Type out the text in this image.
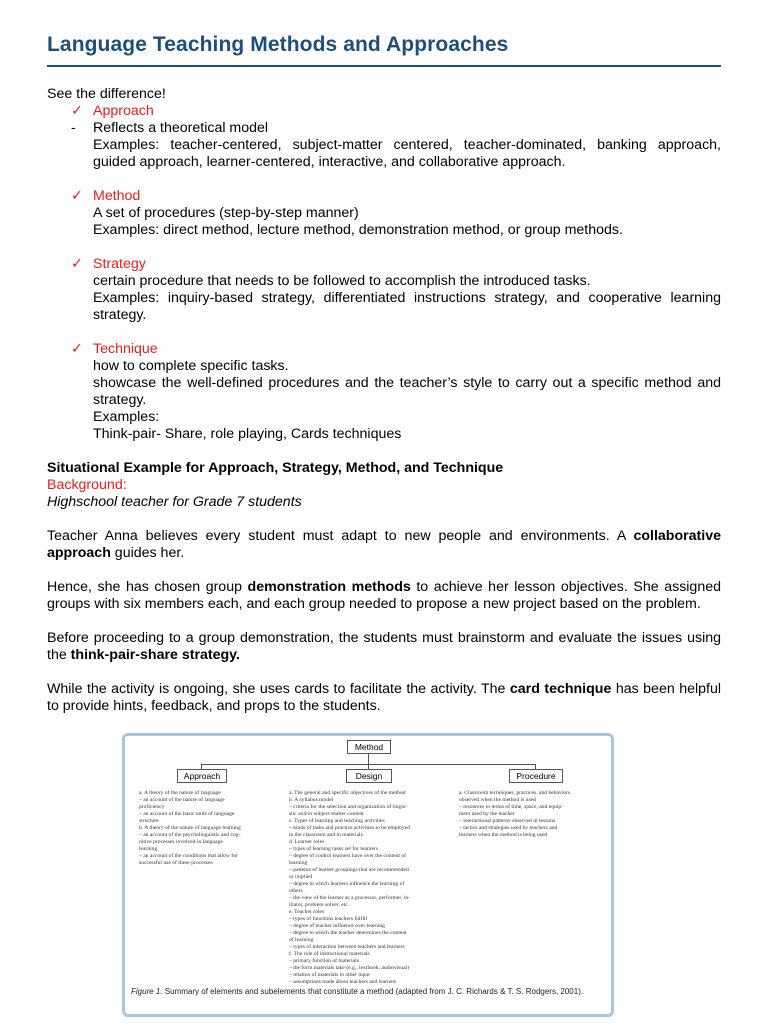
Language Teaching Methods and Approaches

See the difference!

✓ Approach
- Reflects a theoretical model
Examples: teacher-centered, subject-matter centered, teacher-dominated, banking approach, guided approach, learner-centered, interactive, and collaborative approach.
✓ Method
A set of procedures (step-by-step manner)
Examples: direct method, lecture method, demonstration method, or group methods.
✓ Strategy
certain procedure that needs to be followed to accomplish the introduced tasks.
Examples: inquiry-based strategy, differentiated instructions strategy, and cooperative learning strategy.
✓ Technique
how to complete specific tasks.
showcase the well-defined procedures and the teacher’s style to carry out a specific method and strategy.
Examples:
Think-pair- Share, role playing, Cards techniques

Situational Example for Approach, Strategy, Method, and Technique

Background:

Highschool teacher for Grade 7 students

Teacher Anna believes every student must adapt to new people and environments. A collaborative approach guides her.

Hence, she has chosen group demonstration methods to achieve her lesson objectives. She assigned groups with six members each, and each group needed to propose a new project based on the problem.

Before proceeding to a group demonstration, the students must brainstorm and evaluate the issues using the think-pair-share strategy.

While the activity is ongoing, she uses cards to facilitate the activity. The card technique has been helpful to provide hints, feedback, and props to the students.

Method
Approach	Design	Procedure
a. A theory of the nature of language
– an account of the nature of language
proficiency
– an account of the basic units of language
structure
b. A theory of the nature of language learning
– an account of the psycholinguistic and cog-
nitive processes involved in language
learning
– an account of the conditions that allow for
successful use of these processes
a. The general and specific objectives of the method
b. A syllabus model
– criteria for the selection and organization of lingui-
stic and/or subject-matter content
c. Types of learning and teaching activities
– kinds of tasks and practice activities to be employed
in the classroom and in materials
d. Learner roles
– types of learning tasks set for learners
– degree of control learners have over the content of
learning
– patterns of learner groupings that are recommended
or implied
– degree to which learners influence the learning of
others
– the view of the learner as a processor, performer, in-
itiator, problem solver, etc.
e. Teacher roles
– types of functions teachers fulfill
– degree of teacher influence over learning
– degree to which the teacher determines the content
of learning
– types of interaction between teachers and learners
f. The role of instructional materials
– primary function of materials
– the form materials take (e.g., textbook, audiovisual)
– relation of materials to other input
– assumptions made about teachers and learners
a. Classroom techniques, practices, and behaviors
observed when the method is used
– resources in terms of time, space, and equip-
ment used by the teacher
– interactional patterns observed in lessons
– tactics and strategies used by teachers and
learners when the method is being used
Figure 1. Summary of elements and subelements that constitute a method (adapted from J. C. Richards & T. S. Rodgers, 2001).
